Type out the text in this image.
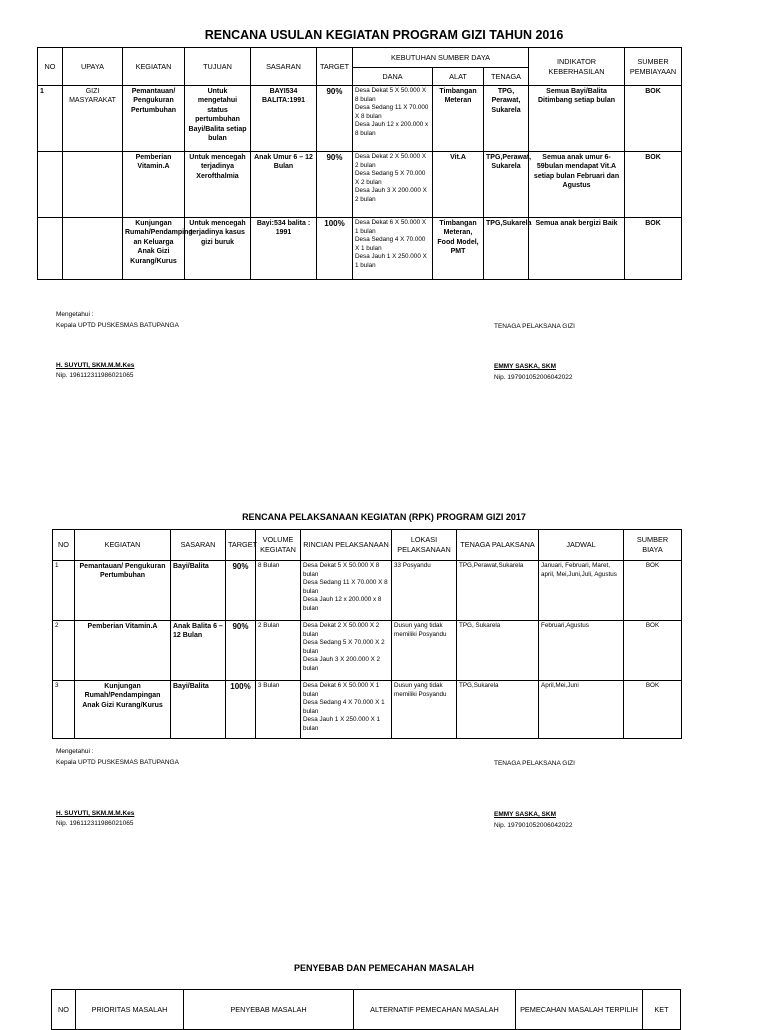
RENCANA USULAN KEGIATAN PROGRAM GIZI TAHUN 2016
NO	UPAYA	KEGIATAN	TUJUAN	SASARAN	TARGET	KEBUTUHAN SUMBER DAYA			INDIKATOR KEBERHASILAN	SUMBER PEMBIAYAAN
						DANA	ALAT	TENAGA		
1	GIZI MASYARAKAT	Pemantauan/ Pengukuran Pertumbuhan	Untuk mengetahui status pertumbuhan Bayi/Balita setiap bulan	BAYI534 BALITA:1991	90%	Desa Dekat 5 X 50.000 X 8 bulan
Desa Sedang 11 X 70.000 X 8 bulan
Desa Jauh 12 x 200.000 x 8 bulan	Timbangan Meteran	TPG, Perawat, Sukarela	Semua Bayi/Balita Ditimbang setiap bulan	BOK
		Pemberian Vitamin.A	Untuk mencegah terjadinya Xerofthalmia	Anak Umur 6 – 12 Bulan	90%	Desa Dekat 2 X 50.000 X 2 bulan
Desa Sedang 5 X 70.000 X 2 bulan
Desa Jauh 3 X 200.000 X 2 bulan	Vit.A	TPG,Perawat, Sukarela	Semua anak umur 6-59bulan mendapat Vit.A setiap bulan Februari dan Agustus	BOK
		Kunjungan Rumah/Pendamping an Keluarga Anak Gizi Kurang/Kurus	Untuk mencegah terjadinya kasus gizi buruk	Bayi:534 balita : 1991	100%	Desa Dekat 6 X 50.000 X 1 bulan
Desa Sedang 4 X 70.000 X 1 bulan
Desa Jauh 1 X 250.000 X 1 bulan	Timbangan Meteran, Food Model, PMT	TPG,Sukarela	Semua anak bergizi Baik	BOK
Mengetahui :
Kepala UPTD PUSKESMAS BATUPANGA
H. SUYUTI, SKM.M.M.Kes
Nip. 196112311986021065
TENAGA PELAKSANA GIZI
EMMY SASKA, SKM
Nip. 197901052006042022
RENCANA PELAKSANAAN KEGIATAN (RPK) PROGRAM GIZI 2017
NO	KEGIATAN	SASARAN	TARGET	VOLUME KEGIATAN	RINCIAN PELAKSANAAN	LOKASI PELAKSANAAN	TENAGA PALAKSANA	JADWAL	SUMBER BIAYA
1	Pemantauan/ Pengukuran Pertumbuhan	Bayi/Balita	90%	8 Bulan	Desa Dekat 5 X 50.000 X 8 bulan
Desa Sedang 11 X 70.000 X 8 bulan
Desa Jauh 12 x 200.000 x 8 bulan	33 Posyandu	TPG,Perawat,Sukarela	Januari, Februari, Maret, april, Mei,Juni,Juli, Agustus	BOK
2	Pemberian Vitamin.A	Anak Balita 6 – 12 Bulan	90%	2 Bulan	Desa Dekat 2 X 50.000 X 2 bulan
Desa Sedang 5 X 70.000 X 2 bulan
Desa Jauh 3 X 200.000 X 2 bulan	Dusun yang tidak memiliki Posyandu	TPG, Sukarela	Februari,Agustus	BOK
3	Kunjungan Rumah/Pendampingan Anak Gizi Kurang/Kurus	Bayi/Balita	100%	3 Bulan	Desa Dekat 6 X 50.000 X 1 bulan
Desa Sedang 4 X 70.000 X 1 bulan
Desa Jauh 1 X 250.000 X 1 bulan	Dusun yang tidak memiliki Posyandu	TPG,Sukarela	April,Mei,Juni	BOK
Mengetahui :
Kepala UPTD PUSKESMAS BATUPANGA
H. SUYUTI, SKM.M.M.Kes
Nip. 196112311986021065
TENAGA PELAKSANA GIZI
EMMY SASKA, SKM
Nip. 197901052006042022
PENYEBAB DAN PEMECAHAN MASALAH
NO	PRIORITAS MASALAH	PENYEBAB MASALAH	ALTERNATIF PEMECAHAN MASALAH	PEMECAHAN MASALAH TERPILIH	KET
